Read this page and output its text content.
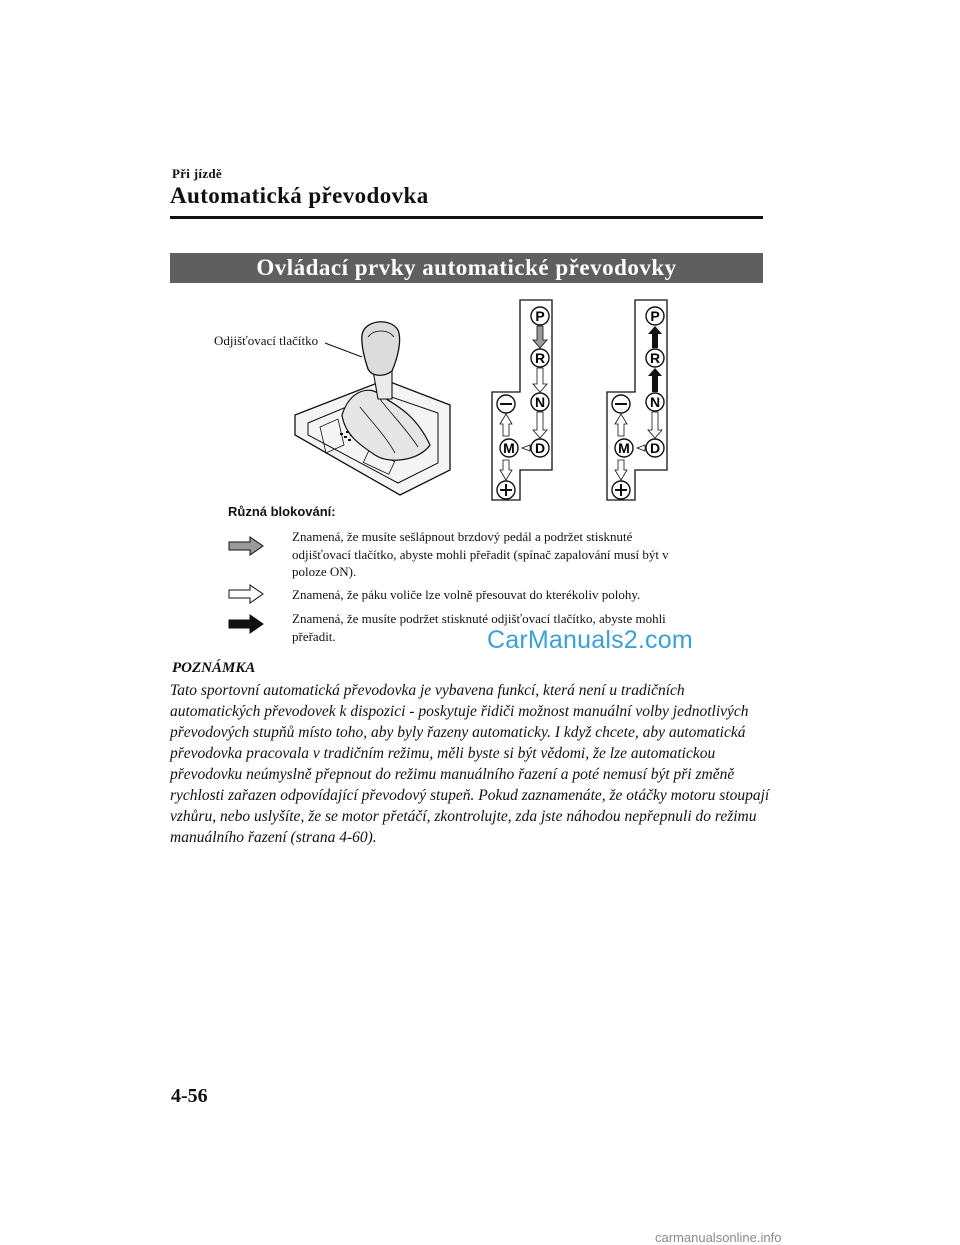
Při jízdě
Automatická převodovka
Ovládací prvky automatické převodovky
Odjišťovací tlačítko
P
R
N
D
M
P
R
N
D
M
Různá blokování:
Znamená, že musíte sešlápnout brzdový pedál a podržet stisknuté odjišťovací tlačítko, abyste mohli přeřadit (spínač zapalování musí být v poloze ON).
Znamená, že páku voliče lze volně přesouvat do kterékoliv polohy.
Znamená, že musíte podržet stisknuté odjišťovací tlačítko, abyste mohli přeřadit.	CarManuals2.com
POZNÁMKA
Tato sportovní automatická převodovka je vybavena funkcí, která není u tradičních automatických převodovek k dispozici - poskytuje řidiči možnost manuální volby jednotlivých převodových stupňů místo toho, aby byly řazeny automaticky. I když chcete, aby automatická převodovka pracovala v tradičním režimu, měli byste si být vědomi, že lze automatickou převodovku neúmyslně přepnout do režimu manuálního řazení a poté nemusí být při změně rychlosti zařazen odpovídající převodový stupeň. Pokud zaznamenáte, že otáčky motoru stoupají vzhůru, nebo uslyšíte, že se motor přetáčí, zkontrolujte, zda jste náhodou nepřepnuli do režimu manuálního řazení (strana 4-60).
4-56
carmanualsonline.info
